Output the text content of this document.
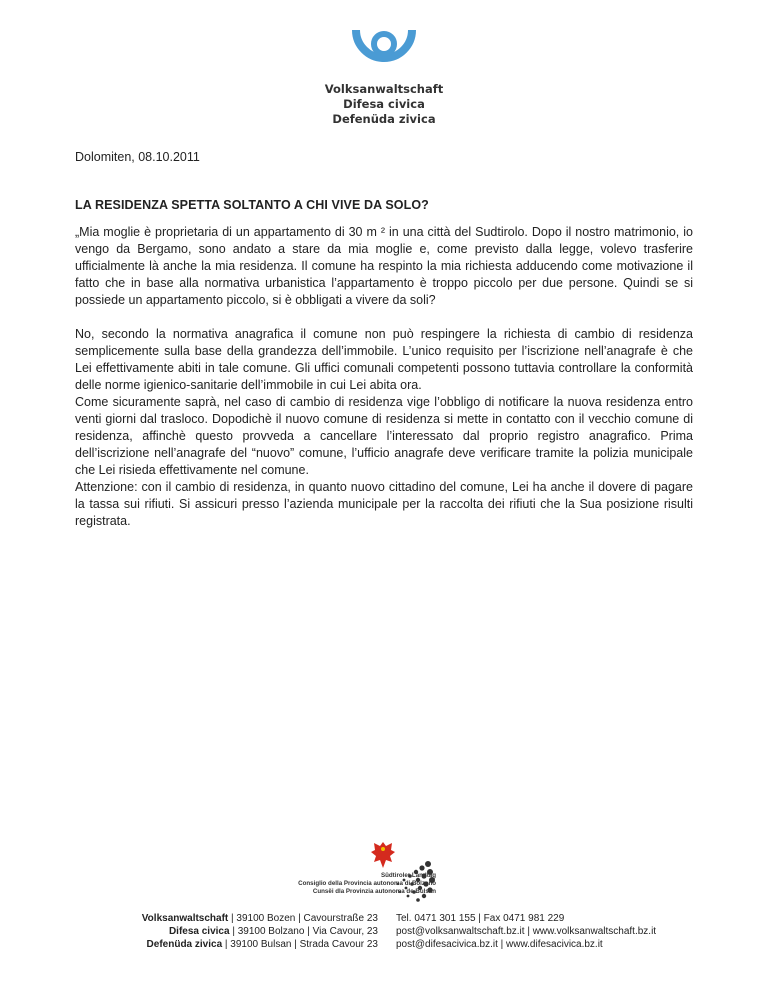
Volksanwaltschaft
Difesa civica
Defenüda zivica
Dolomiten, 08.10.2011
LA RESIDENZA SPETTA SOLTANTO A CHI VIVE DA SOLO?

„Mia moglie è proprietaria di un appartamento di 30 m ² in una città del Sudtirolo. Dopo il nostro matrimonio, io vengo da Bergamo, sono andato a stare da mia moglie e, come previsto dalla legge, volevo trasferire ufficialmente là anche la mia residenza. Il comune ha respinto la mia richiesta adducendo come motivazione il fatto che in base alla normativa urbanistica l’appartamento è troppo piccolo per due persone. Quindi se si possiede un appartamento piccolo, si è obbligati a vivere da soli?

No, secondo la normativa anagrafica il comune non può respingere la richiesta di cambio di residenza semplicemente sulla base della grandezza dell’immobile. L’unico requisito per l’iscrizione nell’anagrafe è che Lei effettivamente abiti in tale comune. Gli uffici comunali competenti possono tuttavia controllare la conformità delle norme igienico-sanitarie dell’immobile in cui Lei abita ora.

Come sicuramente saprà, nel caso di cambio di residenza vige l’obbligo di notificare la nuova residenza entro venti giorni dal trasloco. Dopodichè il nuovo comune di residenza si mette in contatto con il vecchio comune di residenza, affinchè questo provveda a cancellare l’interessato dal proprio registro anagrafico. Prima dell’iscrizione nell’anagrafe del “nuovo” comune, l’ufficio anagrafe deve verificare tramite la polizia municipale che Lei risieda effettivamente nel comune.

Attenzione: con il cambio di residenza, in quanto nuovo cittadino del comune, Lei ha anche il dovere di pagare la tassa sui rifiuti. Si assicuri presso l’azienda municipale per la raccolta dei rifiuti che la Sua posizione risulti registrata.

Südtiroler Landtag
Consiglio della Provincia autonoma di Bolzano
Cunsëi dla Provinzia autonoma de Bulsan
Volksanwaltschaft | 39100 Bozen | Cavourstraße 23
Difesa civica | 39100 Bolzano | Via Cavour, 23
Defenüda zivica | 39100 Bulsan | Strada Cavour 23
Tel. 0471 301 155 | Fax 0471 981 229
post@volksanwaltschaft.bz.it | www.volksanwaltschaft.bz.it
post@difesacivica.bz.it | www.difesacivica.bz.it
